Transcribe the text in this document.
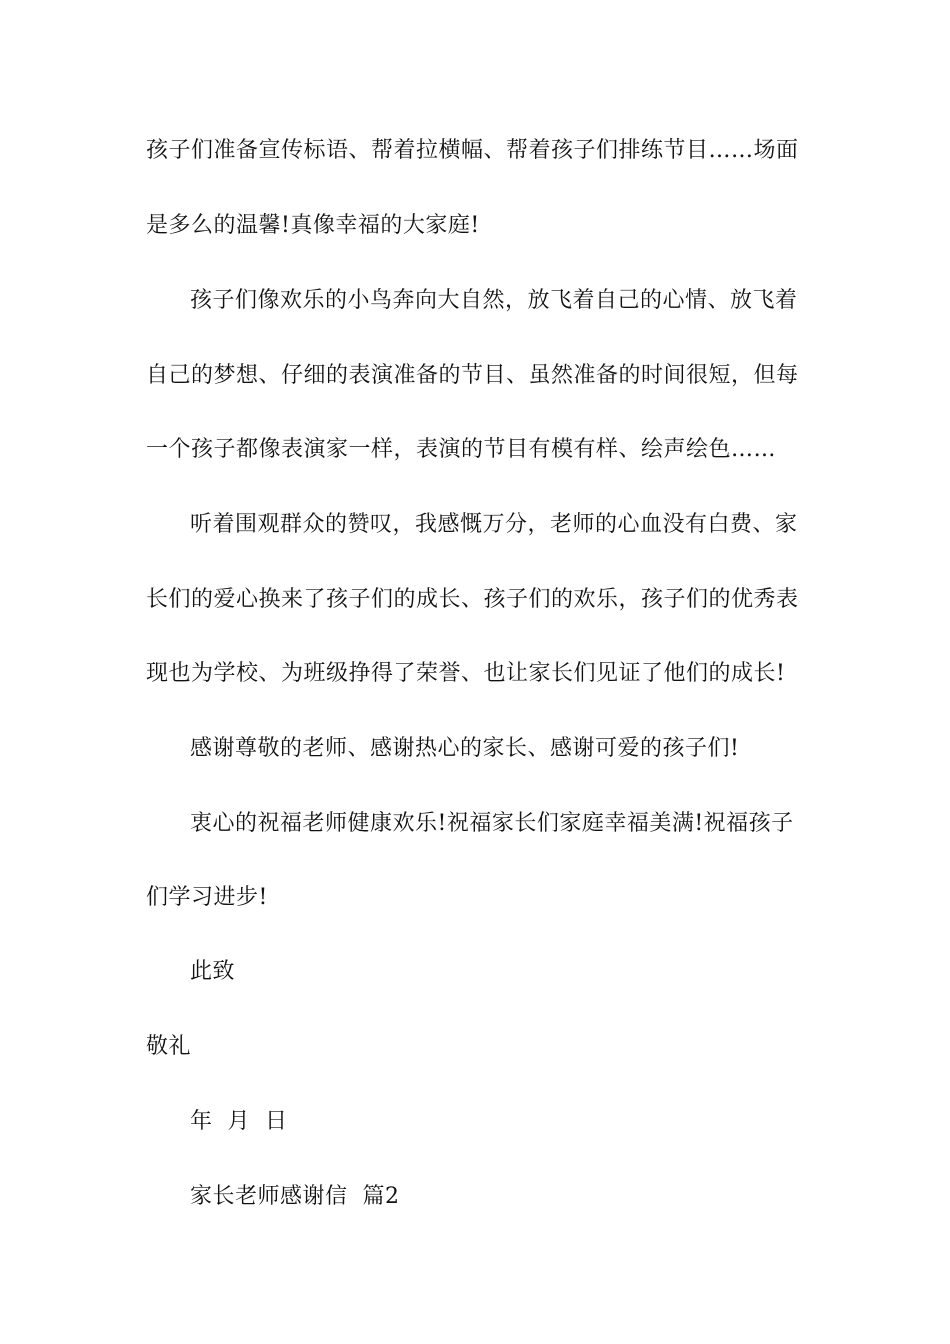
孩子们准备宣传标语、帮着拉横幅、帮着孩子们排练节目……场面
是多么的温馨!真像幸福的大家庭!
孩子们像欢乐的小鸟奔向大自然，放飞着自己的心情、放飞着
自己的梦想、仔细的表演准备的节目、虽然准备的时间很短，但每
一个孩子都像表演家一样，表演的节目有模有样、绘声绘色……
听着围观群众的赞叹，我感慨万分，老师的心血没有白费、家
长们的爱心换来了孩子们的成长、孩子们的欢乐，孩子们的优秀表
现也为学校、为班级挣得了荣誉、也让家长们见证了他们的成长!
感谢尊敬的老师、感谢热心的家长、感谢可爱的孩子们!
衷心的祝福老师健康欢乐!祝福家长们家庭幸福美满!祝福孩子
们学习进步!
此致
敬礼
年  月  日
家长老师感谢信  篇2
